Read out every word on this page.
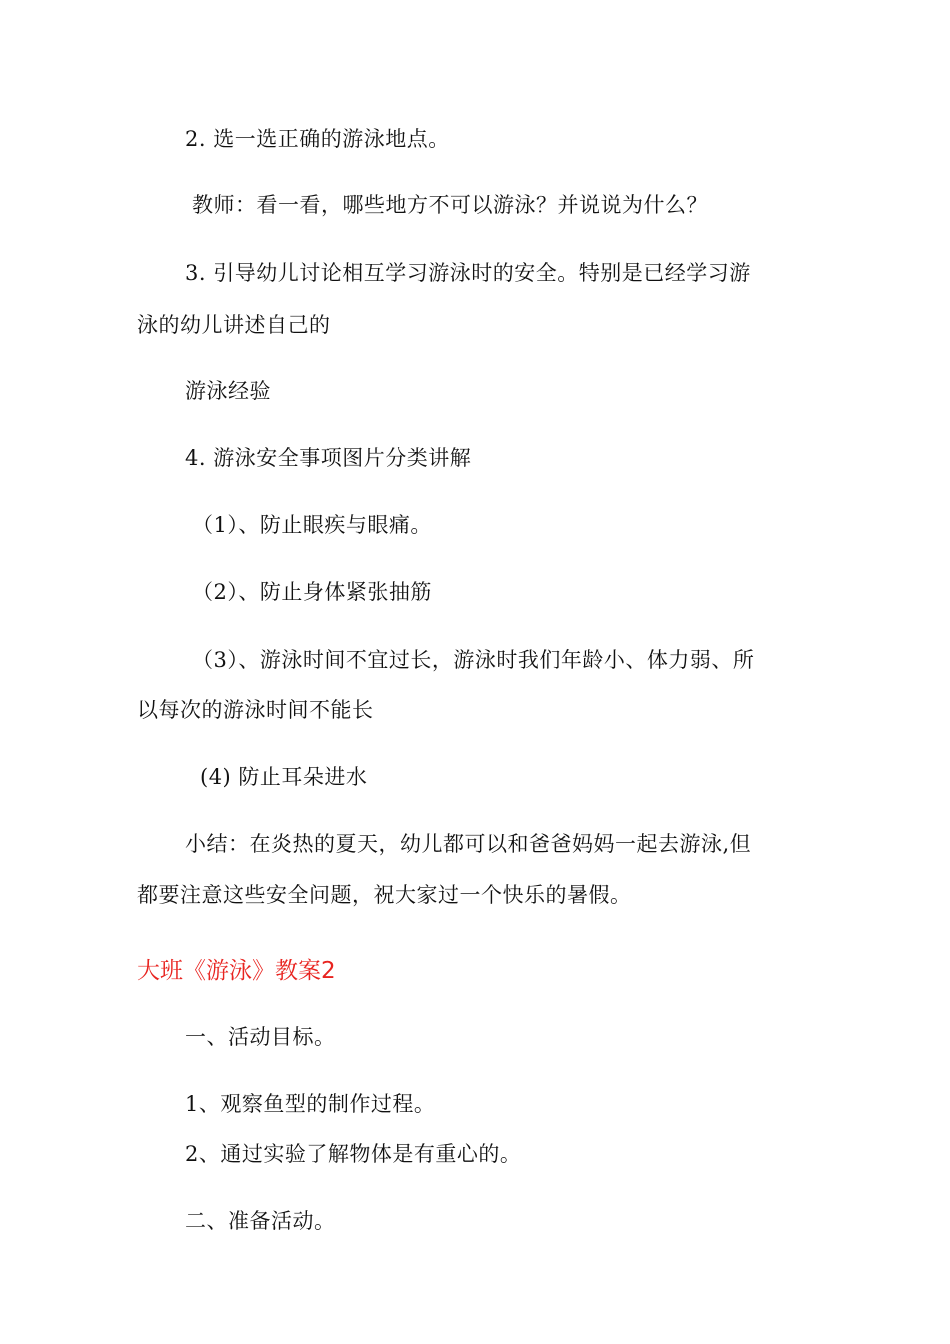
2. 选一选正确的游泳地点。
教师：看一看，哪些地方不可以游泳？并说说为什么？
3. 引导幼儿讨论相互学习游泳时的安全。特别是已经学习游
泳的幼儿讲述自己的
游泳经验
4. 游泳安全事项图片分类讲解
（1）、防止眼疾与眼痛。
（2）、防止身体紧张抽筋
（3）、游泳时间不宜过长，游泳时我们年龄小、体力弱、所
以每次的游泳时间不能长
(4) 防止耳朵进水
小结：在炎热的夏天，幼儿都可以和爸爸妈妈一起去游泳,但
都要注意这些安全问题，祝大家过一个快乐的暑假。
大班《游泳》教案2
一、活动目标。
1、观察鱼型的制作过程。
2、通过实验了解物体是有重心的。
二、准备活动。
